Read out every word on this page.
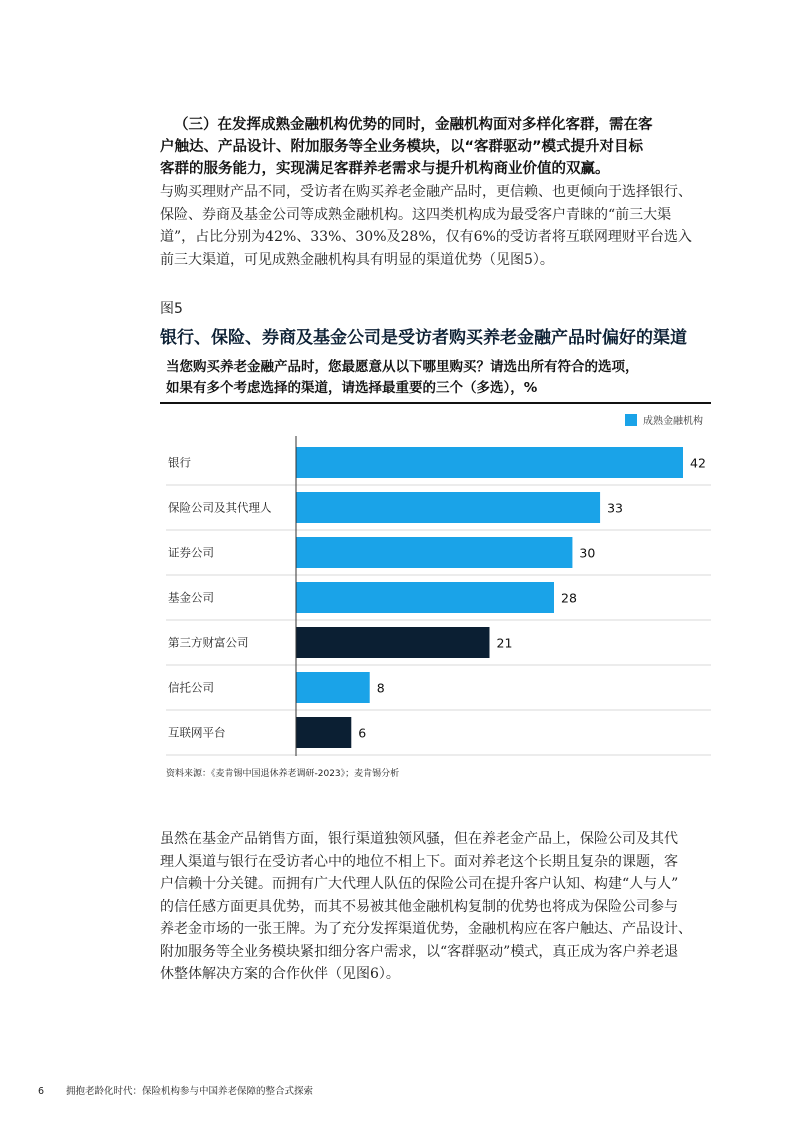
（三）在发挥成熟金融机构优势的同时，金融机构面对多样化客群，需在客
户触达、产品设计、附加服务等全业务模块，以“客群驱动”模式提升对目标
客群的服务能力，实现满足客群养老需求与提升机构商业价值的双赢。
与购买理财产品不同，受访者在购买养老金融产品时，更信赖、也更倾向于选择银行、
保险、券商及基金公司等成熟金融机构。这四类机构成为最受客户青睐的“前三大渠
道”，占比分别为42%、33%、30%及28%，仅有6%的受访者将互联网理财平台选入
前三大渠道，可见成熟金融机构具有明显的渠道优势（见图5）。
图5
银行、保险、券商及基金公司是受访者购买养老金融产品时偏好的渠道
当您购买养老金融产品时，您最愿意从以下哪里购买？请选出所有符合的选项，
如果有多个考虑选择的渠道，请选择最重要的三个（多选），%
成熟金融机构
银行	42
保险公司及其代理人	33
证券公司	30
基金公司	28
第三方财富公司	21
信托公司	8
互联网平台	6
资料来源：《麦肯锡中国退休养老调研-2023》；麦肯锡分析
虽然在基金产品销售方面，银行渠道独领风骚，但在养老金产品上，保险公司及其代
理人渠道与银行在受访者心中的地位不相上下。面对养老这个长期且复杂的课题，客
户信赖十分关键。而拥有广大代理人队伍的保险公司在提升客户认知、构建“人与人”
的信任感方面更具优势，而其不易被其他金融机构复制的优势也将成为保险公司参与
养老金市场的一张王牌。为了充分发挥渠道优势，金融机构应在客户触达、产品设计、
附加服务等全业务模块紧扣细分客户需求，以“客群驱动”模式，真正成为客户养老退
休整体解决方案的合作伙伴（见图6）。
6 拥抱老龄化时代：保险机构参与中国养老保障的整合式探索
